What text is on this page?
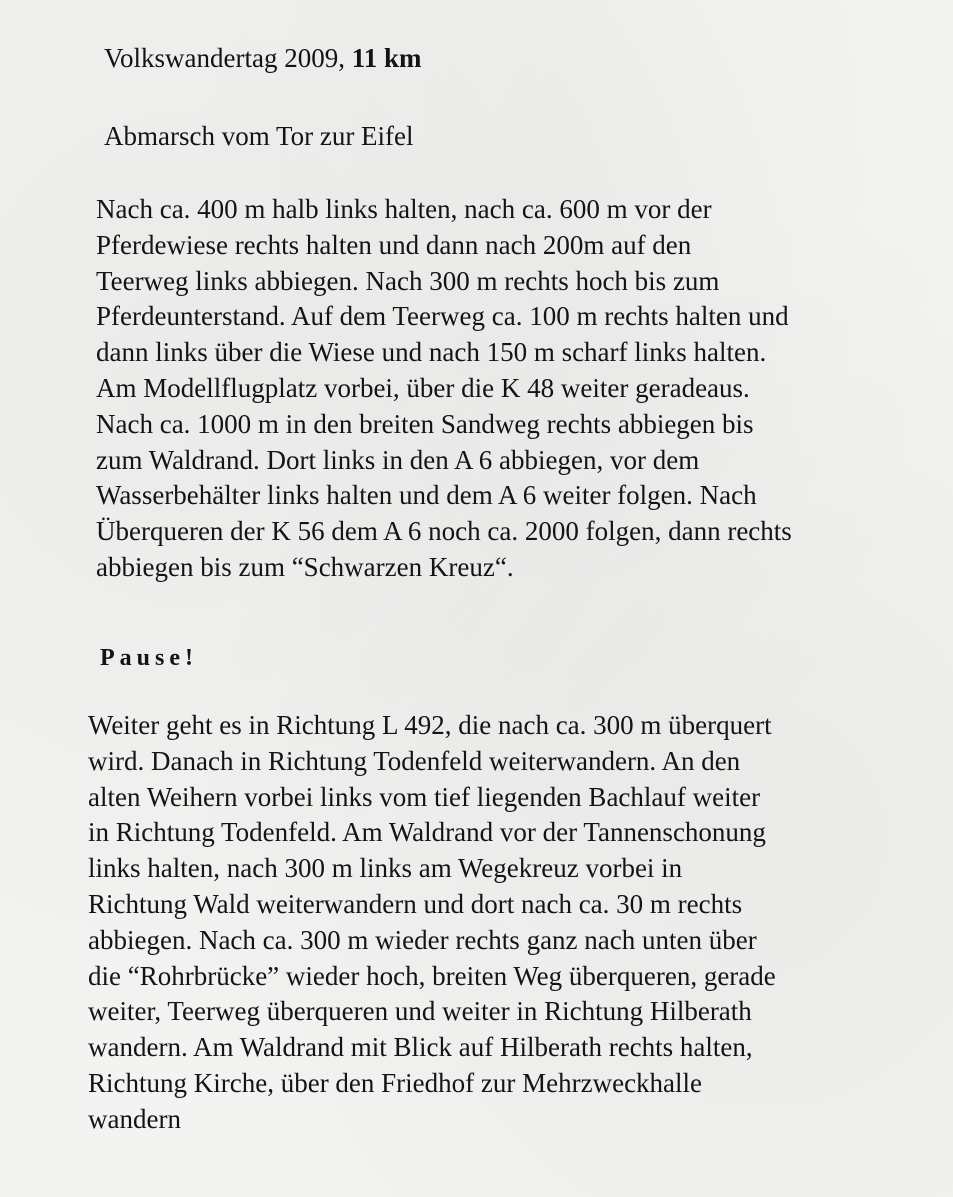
Volkswandertag 2009, 11 km
Abmarsch vom Tor zur Eifel
Nach ca. 400 m halb links halten, nach ca. 600 m vor der
Pferdewiese rechts halten und dann nach 200m auf den
Teerweg links abbiegen. Nach 300 m rechts hoch bis zum
Pferdeunterstand. Auf dem Teerweg ca. 100 m rechts halten und
dann links über die Wiese und nach 150 m scharf links halten.
Am Modellflugplatz vorbei, über die K 48 weiter geradeaus.
Nach ca. 1000 m in den breiten Sandweg rechts abbiegen bis
zum Waldrand. Dort links in den A 6 abbiegen, vor dem
Wasserbehälter links halten und dem A 6 weiter folgen. Nach
Überqueren der K 56 dem A 6 noch ca. 2000 folgen, dann rechts
abbiegen bis zum “Schwarzen Kreuz“.
Pause!
Weiter geht es in Richtung L 492, die nach ca. 300 m überquert
wird. Danach in Richtung Todenfeld weiterwandern. An den
alten Weihern vorbei links vom tief liegenden Bachlauf weiter
in Richtung Todenfeld. Am Waldrand vor der Tannenschonung
links halten, nach 300 m links am Wegekreuz vorbei in
Richtung Wald weiterwandern und dort nach ca. 30 m rechts
abbiegen. Nach ca. 300 m wieder rechts ganz nach unten über
die “Rohrbrücke” wieder hoch, breiten Weg überqueren, gerade
weiter, Teerweg überqueren und weiter in Richtung Hilberath
wandern. Am Waldrand mit Blick auf Hilberath rechts halten,
Richtung Kirche, über den Friedhof zur Mehrzweckhalle
wandern
